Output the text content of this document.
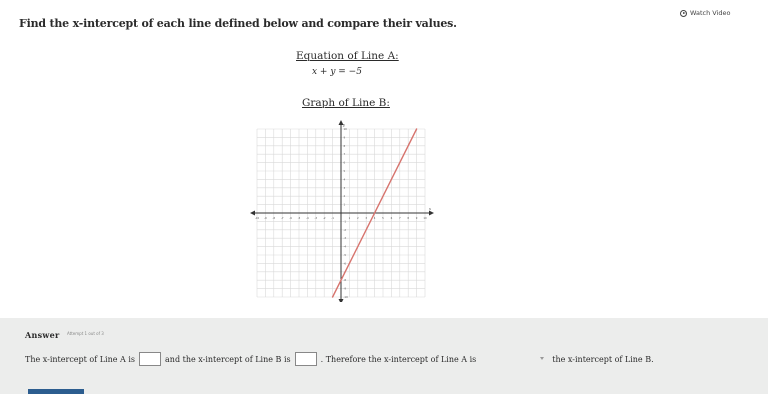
Find the x-intercept of each line defined below and compare their values.
Watch Video
Equation of Line A:
x + y = −5
Graph of Line B:
-10 -9 -8 -7 -6 -5 -4 -3 -2 -1	1	2	3	4	5	6	7	8	9 10
-10
-9
-8
-6
-5
-4
-3
-2
-1
1
2
3
4
5
6
7
8
9
10
x
y
Answer Attempt 1 out of 3
The x-intercept of Line A is	and the x-intercept of Line B is	. Therefore the x-intercept of Line A is	the x-intercept of Line B.
